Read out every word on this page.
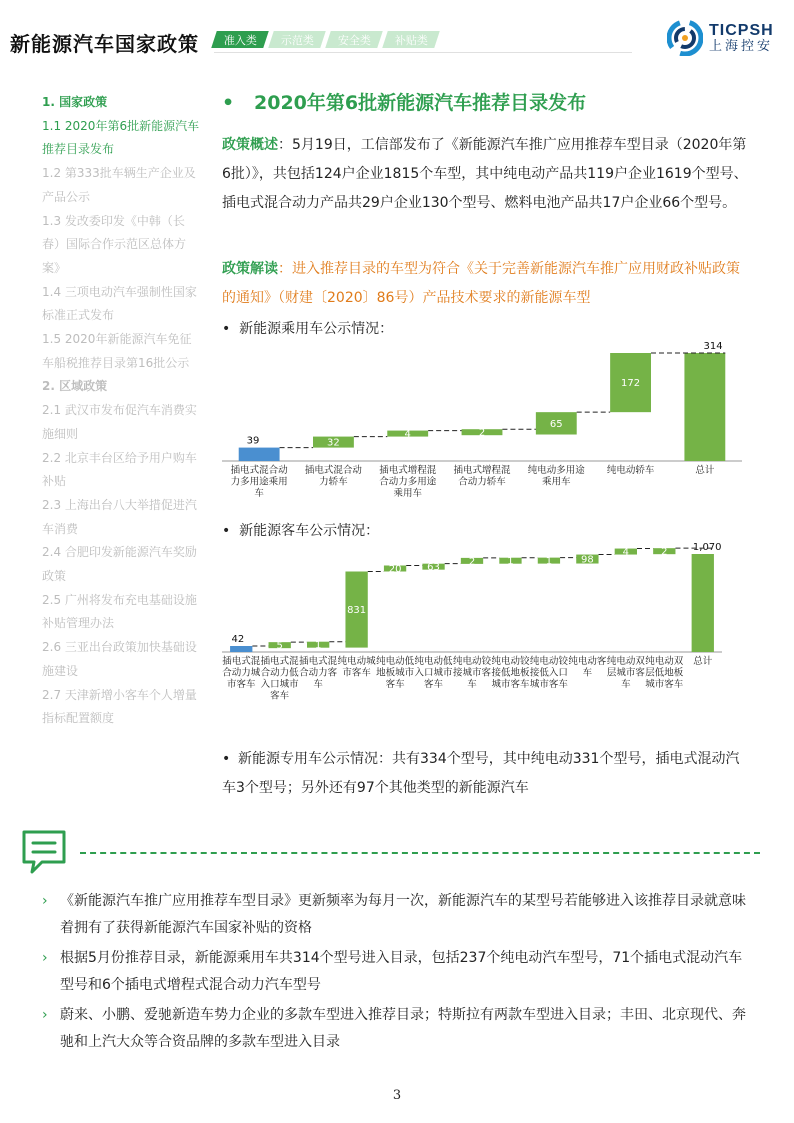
新能源汽车国家政策 准入类 示范类 安全类 补贴类
TICPSH
上海控安
1. 国家政策
1.1 2020年第6批新能源汽车推荐目录发布
1.2 第333批车辆生产企业及产品公示
1.3 发改委印发《中韩（长春）国际合作示范区总体方案》
1.4 三项电动汽车强制性国家标准正式发布
1.5 2020年新能源汽车免征车船税推荐目录第16批公示
2. 区域政策
2.1 武汉市发布促汽车消费实施细则
2.2 北京丰台区给予用户购车补贴
2.3 上海出台八大举措促进汽车消费
2.4 合肥印发新能源汽车奖励政策
2.5 广州将发布充电基础设施补贴管理办法
2.6 三亚出台政策加快基础设施建设
2.7 天津新增小客车个人增量指标配置额度
• 2020年第6批新能源汽车推荐目录发布
政策概述：5月19日，工信部发布了《新能源汽车推广应用推荐车型目录（2020年第6批）》，共包括124户企业1815个车型，其中纯电动产品共119户企业1619个型号、插电式混合动力产品共29户企业130个型号、燃料电池产品共17户企业66个型号。
政策解读：进入推荐目录的车型为符合《关于完善新能源汽车推广应用财政补贴政策的通知》（财建〔2020〕86号）产品技术要求的新能源车型
• 新能源乘用车公示情况：
39
插电式混合动
力多用途乘用
车
32
插电式混合动
力轿车
4
插电式增程混
合动力多用途
乘用车
2
插电式增程混
合动力轿车
65
纯电动多用途
乘用车
172
纯电动轿车
314
总计
• 新能源客车公示情况：
42
插电式混
合动力城
市客车
5
插电式混
合动力低
入口城市
客车
1
插电式混
合动力客
车
831
纯电动城
市客车
20
纯电动低
地板城市
客车
63
纯电动低
入口城市
客车
2
纯电动铰
接城市客
车
1
纯电动铰
接低地板
城市客车
1
纯电动铰
接低入口
城市客车
98
纯电动客
车
4
纯电动双
层城市客
车
2
纯电动双
层低地板
城市客车
1,070
总计
• 新能源专用车公示情况：共有334个型号，其中纯电动331个型号，插电式混动汽车3个型号；另外还有97个其他类型的新能源汽车
› 《新能源汽车推广应用推荐车型目录》更新频率为每月一次，新能源汽车的某型号若能够进入该推荐目录就意味着拥有了获得新能源汽车国家补贴的资格
› 根据5月份推荐目录，新能源乘用车共314个型号进入目录，包括237个纯电动汽车型号，71个插电式混动汽车型号和6个插电式增程式混合动力汽车型号
› 蔚来、小鹏、爱驰新造车势力企业的多款车型进入推荐目录；特斯拉有两款车型进入目录；丰田、北京现代、奔驰和上汽大众等合资品牌的多款车型进入目录
3
